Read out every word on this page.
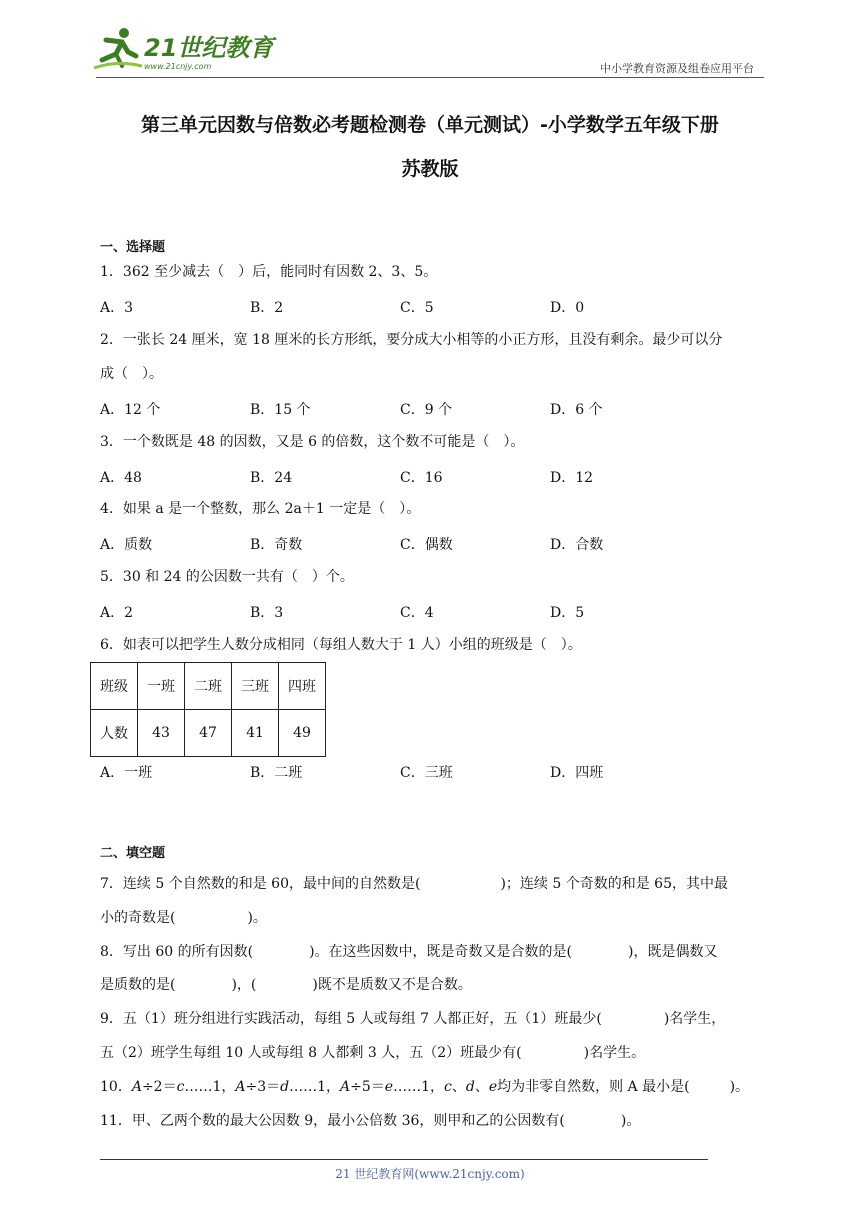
21世纪教育
www.21cnjy.com	中小学教育资源及组卷应用平台
第三单元因数与倍数必考题检测卷（单元测试）-小学数学五年级下册
苏教版
一、选择题
1．362 至少减去（　）后，能同时有因数 2、3、5。
A．3	B．2	C．5	D．0
2．一张长 24 厘米，宽 18 厘米的长方形纸，要分成大小相等的小正方形，且没有剩余。最少可以分
成（　）。
A．12 个	B．15 个	C．9 个	D．6 个
3．一个数既是 48 的因数，又是 6 的倍数，这个数不可能是（　）。
A．48	B．24	C．16	D．12
4．如果 a 是一个整数，那么 2a＋1 一定是（　）。
A．质数	B．奇数	C．偶数	D．合数
5．30 和 24 的公因数一共有（　）个。
A．2	B．3	C．4	D．5
6．如表可以把学生人数分成相同（每组人数大于 1 人）小组的班级是（　）。
班级	一班	二班	三班	四班
人数	43	47	41	49
A．一班	B．二班	C．三班	D．四班
二、填空题
7．连续 5 个自然数的和是 60，最中间的自然数是(	)；连续 5 个奇数的和是 65，其中最
小的奇数是(	)。
8．写出 60 的所有因数(	)。在这些因数中，既是奇数又是合数的是(	)，既是偶数又
是质数的是(	)，(	)既不是质数又不是合数。
9．五（1）班分组进行实践活动，每组 5 人或每组 7 人都正好，五（1）班最少(	)名学生，
五（2）班学生每组 10 人或每组 8 人都剩 3 人，五（2）班最少有(	)名学生。
10．A÷2＝c……1，A÷3＝d……1，A÷5＝e……1，c、d、e均为非零自然数，则 A 最小是(	)。
11．甲、乙两个数的最大公因数 9，最小公倍数 36，则甲和乙的公因数有(	)。
21 世纪教育网(www.21cnjy.com)
